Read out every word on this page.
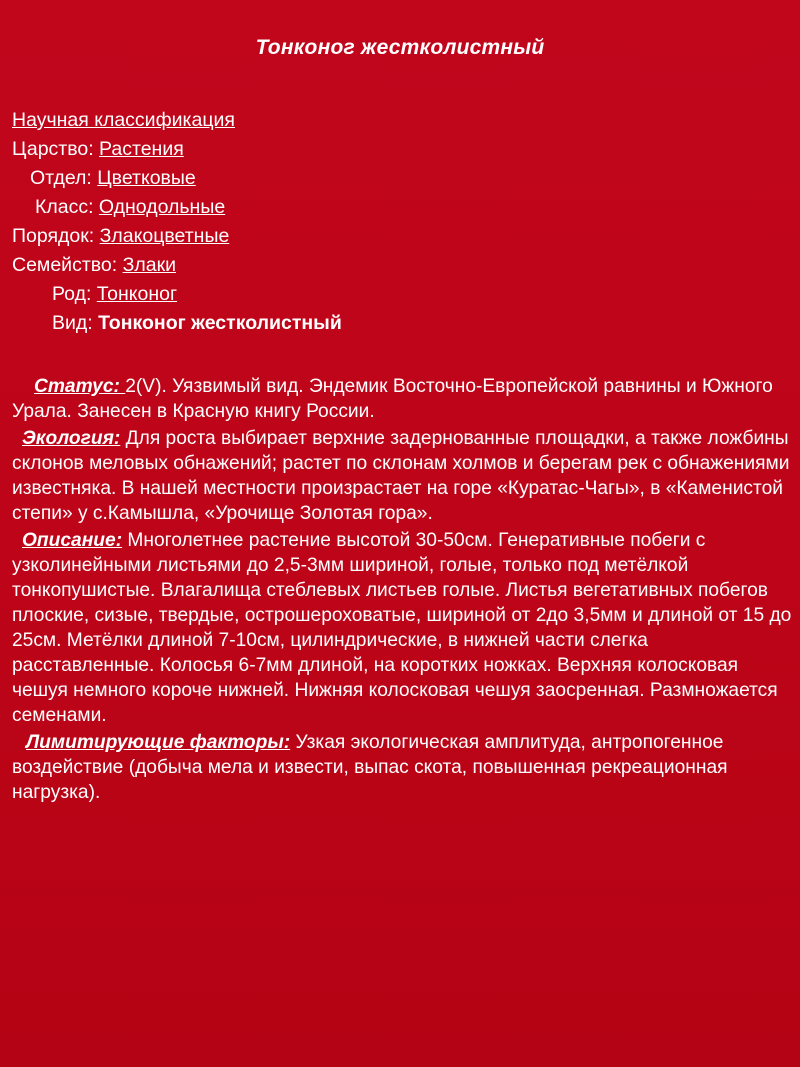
Тонконог жестколистный
Научная классификация
Царство: Растения
Отдел: Цветковые
Класс: Однодольные
Порядок: Злакоцветные
Семейство: Злаки
Род: Тонконог
Вид: Тонконог жестколистный

Статус: 2(V). Уязвимый вид. Эндемик Восточно-Европейской равнины и Южного Урала. Занесен в Красную книгу России.

Экология: Для роста выбирает верхние задернованные площадки, а также ложбины склонов меловых обнажений; растет по склонам холмов и берегам рек с обнажениями известняка. В нашей местности произрастает на горе «Куратас-Чагы», в «Каменистой степи» у с.Камышла, «Урочище Золотая гора».

Описание: Многолетнее растение высотой 30-50см. Генеративные побеги с узколинейными листьями до 2,5-3мм шириной, голые, только под метёлкой тонкопушистые. Влагалища стеблевых листьев голые. Листья вегетативных побегов плоские, сизые, твердые, острошероховатые, шириной от 2до 3,5мм и длиной от 15 до 25см. Метёлки длиной 7-10см, цилиндрические, в нижней части слегка расставленные. Колосья 6-7мм длиной, на коротких ножках. Верхняя колосковая чешуя немного короче нижней. Нижняя колосковая чешуя заосренная. Размножается семенами.

Лимитирующие факторы: Узкая экологическая амплитуда, антропогенное воздействие (добыча мела и извести, выпас скота, повышенная рекреационная нагрузка).
